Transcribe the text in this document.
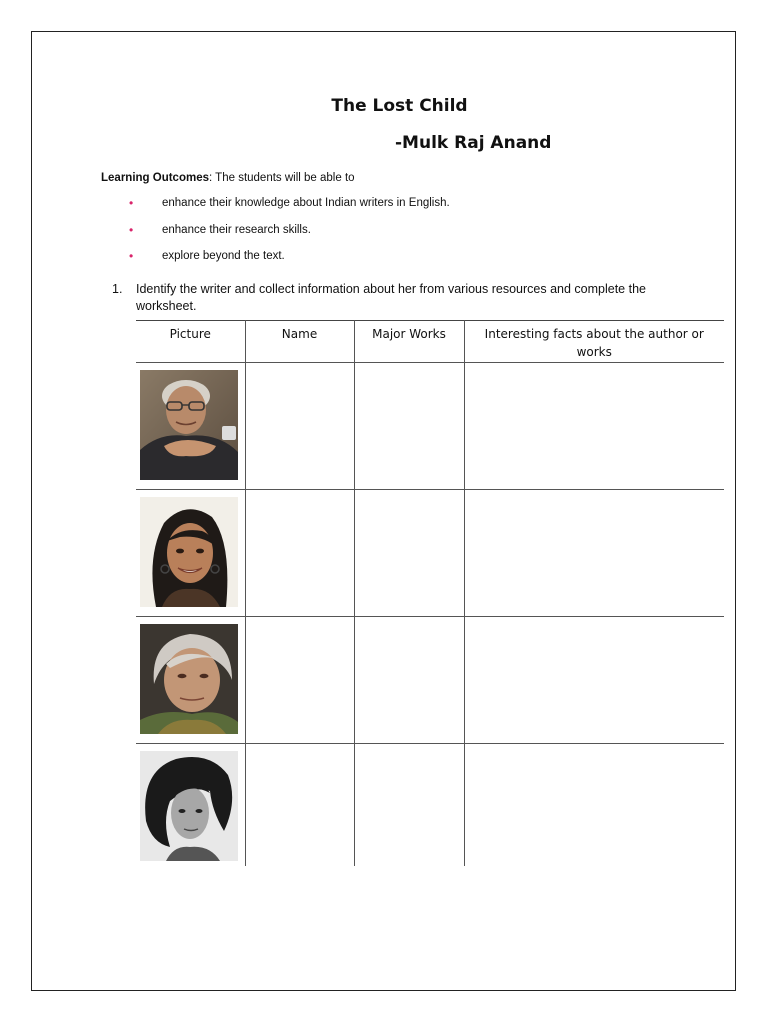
The Lost Child
-Mulk Raj Anand
Learning Outcomes: The students will be able to
•	enhance their knowledge about Indian writers in English.
•	enhance their research skills.
•	explore beyond the text.
1. Identify the writer and collect information about her from various resources and complete the worksheet.
Picture	Name	Major Works	Interesting facts about the author or works
